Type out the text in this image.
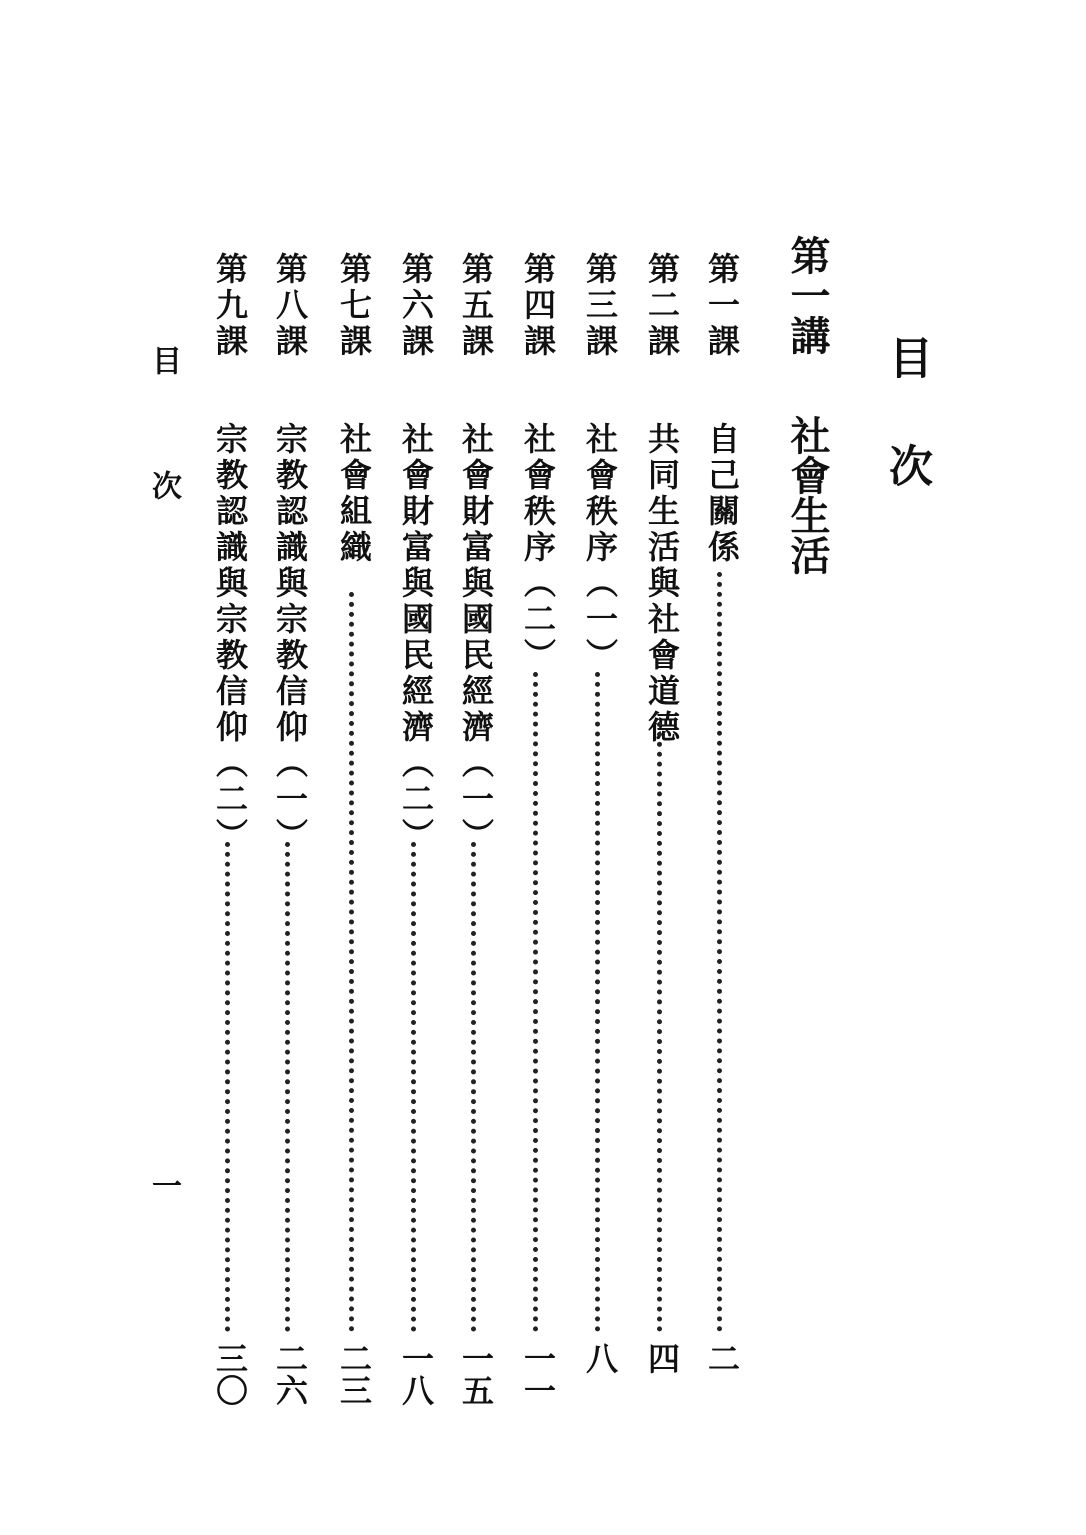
目次
第一講社會生活
第一課
自己關係
二
第二課
共同生活與社會道德
四
第三課
社會秩序（一）
八
第四課
社會秩序（二）
一一
第五課
社會財富與國民經濟（一）
一五
第六課
社會財富與國民經濟（二）
一八
第七課
社會組織
二三
第八課
宗教認識與宗教信仰（一）
二六
第九課
宗教認識與宗教信仰（二）
三〇
目
次
一
